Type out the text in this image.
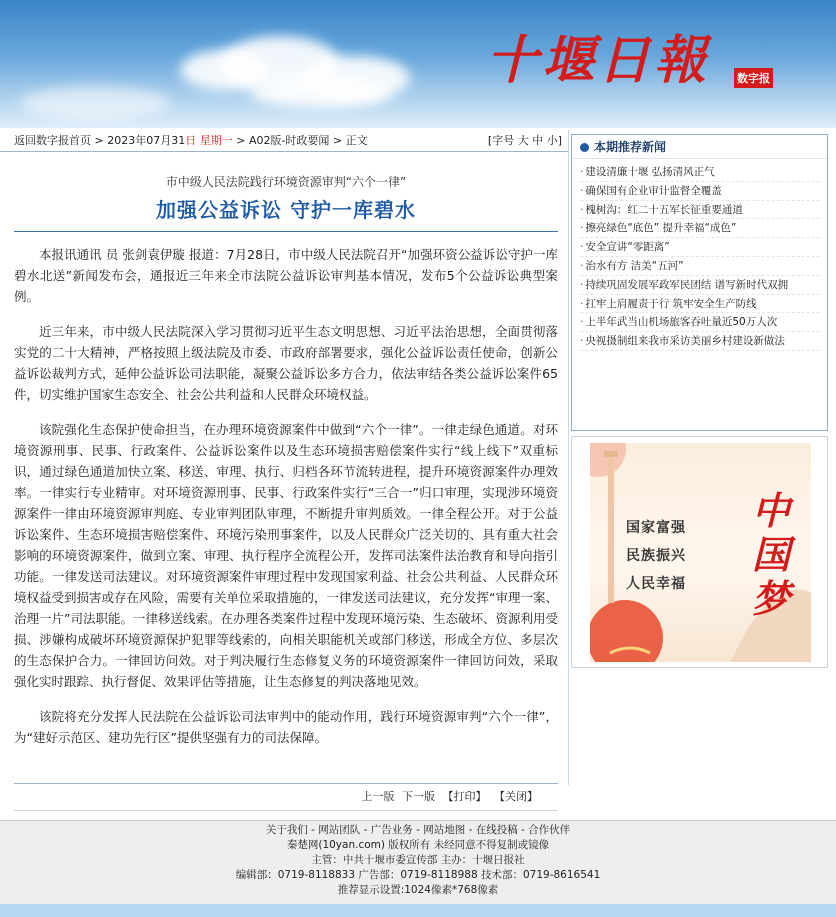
十堰日報 数字报
返回数字报首页 > 2023年07月31日 星期一 > A02版-时政要闻 > 正文	[字号 大 中 小]
市中级人民法院践行环境资源审判“六个一律”
加强公益诉讼 守护一库碧水

本报讯通讯 员 张剑袁伊璇 报道：7月28日，市中级人民法院召开“加强环资公益诉讼守护一库碧水北送”新闻发布会，通报近三年来全市法院公益诉讼审判基本情况，发布5个公益诉讼典型案例。

近三年来，市中级人民法院深入学习贯彻习近平生态文明思想、习近平法治思想，全面贯彻落实党的二十大精神，严格按照上级法院及市委、市政府部署要求，强化公益诉讼责任使命，创新公益诉讼裁判方式，延伸公益诉讼司法职能，凝聚公益诉讼多方合力，依法审结各类公益诉讼案件65件，切实维护国家生态安全、社会公共利益和人民群众环境权益。

该院强化生态保护使命担当，在办理环境资源案件中做到“六个一律”。一律走绿色通道。对环境资源刑事、民事、行政案件、公益诉讼案件以及生态环境损害赔偿案件实行“线上线下”双重标识，通过绿色通道加快立案、移送、审理、执行、归档各环节流转进程，提升环境资源案件办理效率。一律实行专业精审。对环境资源刑事、民事、行政案件实行“三合一”归口审理，实现涉环境资源案件一律由环境资源审判庭、专业审判团队审理，不断提升审判质效。一律全程公开。对于公益诉讼案件、生态环境损害赔偿案件、环境污染刑事案件，以及人民群众广泛关切的、具有重大社会影响的环境资源案件，做到立案、审理、执行程序全流程公开，发挥司法案件法治教育和导向指引功能。一律发送司法建议。对环境资源案件审理过程中发现国家利益、社会公共利益、人民群众环境权益受到损害或存在风险，需要有关单位采取措施的，一律发送司法建议，充分发挥“审理一案、治理一片”司法职能。一律移送线索。在办理各类案件过程中发现环境污染、生态破坏、资源利用受损、涉嫌构成破坏环境资源保护犯罪等线索的，向相关职能机关或部门移送，形成全方位、多层次的生态保护合力。一律回访问效。对于判决履行生态修复义务的环境资源案件一律回访问效，采取强化实时跟踪、执行督促、效果评估等措施，让生态修复的判决落地见效。

该院将充分发挥人民法院在公益诉讼司法审判中的能动作用，践行环境资源审判“六个一律”，为“建好示范区、建功先行区”提供坚强有力的司法保障。

上一版 下一版 【打印】 【关闭】
本期推荐新闻
· 建设清廉十堰 弘扬清风正气
· 确保国有企业审计监督全覆盖
· 槐树沟：红二十五军长征重要通道
· 擦亮绿色“底色” 提升幸福“成色”
· 安全宣讲“零距离”
· 治水有方 洁美“五河”
· 持续巩固发展军政军民团结 谱写新时代双拥
· 扛牢上肩履责于行 筑牢安全生产防线
· 上半年武当山机场旅客吞吐量近50万人次
· 央视摄制组来我市采访美丽乡村建设新做法
国家富强
民族振兴
人民幸福
中国梦
关于我们 - 网站团队 - 广告业务 - 网站地图 - 在线投稿 - 合作伙伴
秦楚网(10yan.com) 版权所有 未经同意不得复制或镜像
主管：中共十堰市委宣传部 主办：十堰日报社
编辑部：0719-8118833 广告部：0719-8118988 技术部：0719-8616541
推荐显示设置:1024像素*768像素
